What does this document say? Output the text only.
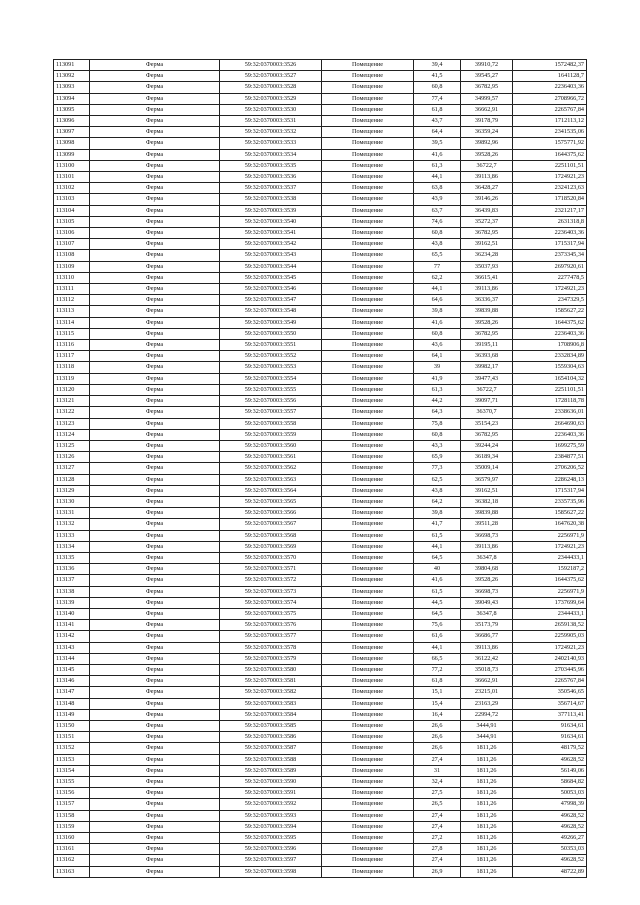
113091	Ферма	59:32:0370003:3526	Помещение	39,4	39910,72	1572482,37
113092	Ферма	59:32:0370003:3527	Помещение	41,5	39545,27	1641128,7
113093	Ферма	59:32:0370003:3528	Помещение	60,8	36782,95	2236403,36
113094	Ферма	59:32:0370003:3529	Помещение	77,4	34999,57	2708966,72
113095	Ферма	59:32:0370003:3530	Помещение	61,8	36662,91	2265767,84
113096	Ферма	59:32:0370003:3531	Помещение	43,7	39178,79	1712113,12
113097	Ферма	59:32:0370003:3532	Помещение	64,4	36359,24	2341535,06
113098	Ферма	59:32:0370003:3533	Помещение	39,5	39892,96	1575771,92
113099	Ферма	59:32:0370003:3534	Помещение	41,6	39528,26	1644375,62
113100	Ферма	59:32:0370003:3535	Помещение	61,3	36722,7	2251101,51
113101	Ферма	59:32:0370003:3536	Помещение	44,1	39113,86	1724921,23
113102	Ферма	59:32:0370003:3537	Помещение	63,8	36428,27	2324123,63
113103	Ферма	59:32:0370003:3538	Помещение	43,9	39146,26	1718520,84
113104	Ферма	59:32:0370003:3539	Помещение	63,7	36439,83	2321217,17
113105	Ферма	59:32:0370003:3540	Помещение	74,6	35272,37	2631318,8
113106	Ферма	59:32:0370003:3541	Помещение	60,8	36782,95	2236403,36
113107	Ферма	59:32:0370003:3542	Помещение	43,8	39162,51	1715317,94
113108	Ферма	59:32:0370003:3543	Помещение	65,5	36234,28	2373345,34
113109	Ферма	59:32:0370003:3544	Помещение	77	35037,93	2697920,61
113110	Ферма	59:32:0370003:3545	Помещение	62,2	36615,41	2277478,5
113111	Ферма	59:32:0370003:3546	Помещение	44,1	39113,86	1724921,23
113112	Ферма	59:32:0370003:3547	Помещение	64,6	36336,37	2347329,5
113113	Ферма	59:32:0370003:3548	Помещение	39,8	39839,88	1585627,22
113114	Ферма	59:32:0370003:3549	Помещение	41,6	39528,26	1644375,62
113115	Ферма	59:32:0370003:3550	Помещение	60,8	36782,95	2236403,36
113116	Ферма	59:32:0370003:3551	Помещение	43,6	39195,11	1708906,8
113117	Ферма	59:32:0370003:3552	Помещение	64,1	36393,68	2332834,89
113118	Ферма	59:32:0370003:3553	Помещение	39	39982,17	1559304,63
113119	Ферма	59:32:0370003:3554	Помещение	41,9	39477,43	1654104,32
113120	Ферма	59:32:0370003:3555	Помещение	61,3	36722,7	2251101,51
113121	Ферма	59:32:0370003:3556	Помещение	44,2	39097,71	1728118,78
113122	Ферма	59:32:0370003:3557	Помещение	64,3	36370,7	2338636,01
113123	Ферма	59:32:0370003:3558	Помещение	75,8	35154,23	2664690,63
113124	Ферма	59:32:0370003:3559	Помещение	60,8	36782,95	2236403,36
113125	Ферма	59:32:0370003:3560	Помещение	43,3	39244,24	1699275,59
113126	Ферма	59:32:0370003:3561	Помещение	65,9	36189,34	2384877,51
113127	Ферма	59:32:0370003:3562	Помещение	77,3	35009,14	2706206,52
113128	Ферма	59:32:0370003:3563	Помещение	62,5	36579,97	2286248,13
113129	Ферма	59:32:0370003:3564	Помещение	43,8	39162,51	1715317,94
113130	Ферма	59:32:0370003:3565	Помещение	64,2	36382,18	2335735,96
113131	Ферма	59:32:0370003:3566	Помещение	39,8	39839,88	1585627,22
113132	Ферма	59:32:0370003:3567	Помещение	41,7	39511,28	1647620,38
113133	Ферма	59:32:0370003:3568	Помещение	61,5	36698,73	2256971,9
113134	Ферма	59:32:0370003:3569	Помещение	44,1	39113,86	1724921,23
113135	Ферма	59:32:0370003:3570	Помещение	64,5	36347,8	2344433,1
113136	Ферма	59:32:0370003:3571	Помещение	40	39804,68	1592187,2
113137	Ферма	59:32:0370003:3572	Помещение	41,6	39528,26	1644375,62
113138	Ферма	59:32:0370003:3573	Помещение	61,5	36698,73	2256971,9
113139	Ферма	59:32:0370003:3574	Помещение	44,5	39049,43	1737699,64
113140	Ферма	59:32:0370003:3575	Помещение	64,5	36347,8	2344433,1
113141	Ферма	59:32:0370003:3576	Помещение	75,6	35173,79	2659138,52
113142	Ферма	59:32:0370003:3577	Помещение	61,6	36686,77	2259905,03
113143	Ферма	59:32:0370003:3578	Помещение	44,1	39113,86	1724921,23
113144	Ферма	59:32:0370003:3579	Помещение	66,5	36122,42	2402140,93
113145	Ферма	59:32:0370003:3580	Помещение	77,2	35018,73	2703445,96
113146	Ферма	59:32:0370003:3581	Помещение	61,8	36662,91	2265767,84
113147	Ферма	59:32:0370003:3582	Помещение	15,1	23215,01	350546,65
113148	Ферма	59:32:0370003:3583	Помещение	15,4	23163,29	356714,67
113149	Ферма	59:32:0370003:3584	Помещение	16,4	22994,72	377113,41
113150	Ферма	59:32:0370003:3585	Помещение	26,6	3444,91	91634,61
113151	Ферма	59:32:0370003:3586	Помещение	26,6	3444,91	91634,61
113152	Ферма	59:32:0370003:3587	Помещение	26,6	1811,26	48179,52
113153	Ферма	59:32:0370003:3588	Помещение	27,4	1811,26	49628,52
113154	Ферма	59:32:0370003:3589	Помещение	31	1811,26	56149,06
113155	Ферма	59:32:0370003:3590	Помещение	32,4	1811,26	58684,82
113156	Ферма	59:32:0370003:3591	Помещение	27,5	1811,26	50053,03
113157	Ферма	59:32:0370003:3592	Помещение	26,5	1811,26	47998,39
113158	Ферма	59:32:0370003:3593	Помещение	27,4	1811,26	49628,52
113159	Ферма	59:32:0370003:3594	Помещение	27,4	1811,26	49628,52
113160	Ферма	59:32:0370003:3595	Помещение	27,2	1811,26	49266,27
113161	Ферма	59:32:0370003:3596	Помещение	27,8	1811,26	50353,03
113162	Ферма	59:32:0370003:3597	Помещение	27,4	1811,26	49628,52
113163	Ферма	59:32:0370003:3598	Помещение	26,9	1811,26	48722,89
